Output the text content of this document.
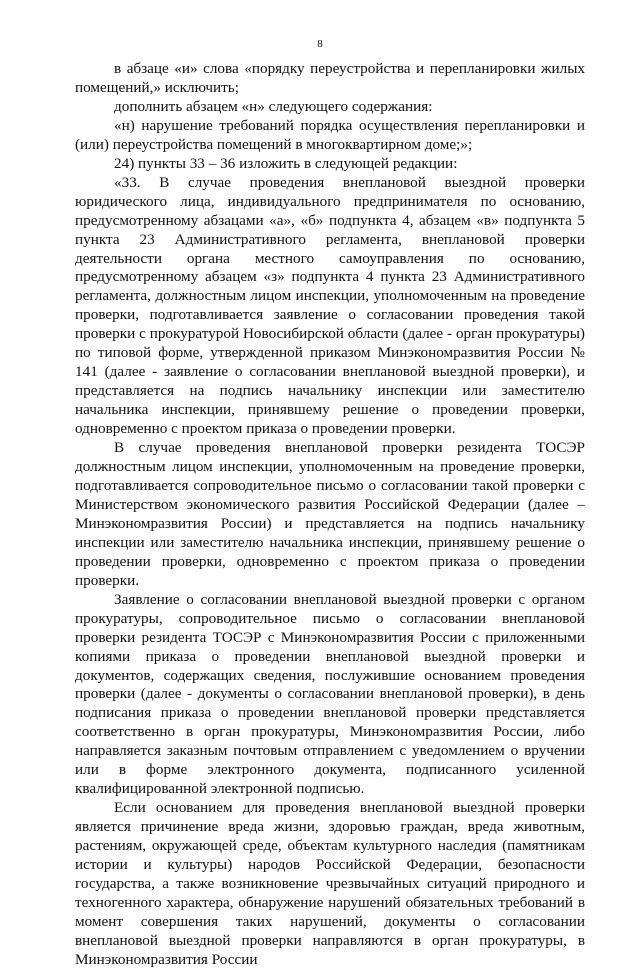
8

в абзаце «и» слова «порядку переустройства и перепланировки жилых помещений,» исключить;

дополнить абзацем «н» следующего содержания:

«н) нарушение требований порядка осуществления перепланировки и (или) переустройства помещений в многоквартирном доме;»;

24) пункты 33 – 36 изложить в следующей редакции:

«33. В случае проведения внеплановой выездной проверки юридического лица, индивидуального предпринимателя по основанию, предусмотренному абзацами «а», «б» подпункта 4, абзацем «в» подпункта 5 пункта 23 Административного регламента, внеплановой проверки деятельности органа местного самоуправления по основанию, предусмотренному абзацем «з» подпункта 4 пункта 23 Административного регламента, должностным лицом инспекции, уполномоченным на проведение проверки, подготавливается заявление о согласовании проведения такой проверки с прокуратурой Новосибирской области (далее - орган прокуратуры) по типовой форме, утвержденной приказом Минэкономразвития России № 141 (далее - заявление о согласовании внеплановой выездной проверки), и представляется на подпись начальнику инспекции или заместителю начальника инспекции, принявшему решение о проведении проверки, одновременно с проектом приказа о проведении проверки.

В случае проведения внеплановой проверки резидента ТОСЭР должностным лицом инспекции, уполномоченным на проведение проверки, подготавливается сопроводительное письмо о согласовании такой проверки с Министерством экономического развития Российской Федерации (далее – Минэкономразвития России) и представляется на подпись начальнику инспекции или заместителю начальника инспекции, принявшему решение о проведении проверки, одновременно с проектом приказа о проведении проверки.

Заявление о согласовании внеплановой выездной проверки с органом прокуратуры, сопроводительное письмо о согласовании внеплановой проверки резидента ТОСЭР с Минэкономразвития России с приложенными копиями приказа о проведении внеплановой выездной проверки и документов, содержащих сведения, послужившие основанием проведения проверки (далее - документы о согласовании внеплановой проверки), в день подписания приказа о проведении внеплановой проверки представляется соответственно в орган прокуратуры, Минэкономразвития России, либо направляется заказным почтовым отправлением с уведомлением о вручении или в форме электронного документа, подписанного усиленной квалифицированной электронной подписью.

Если основанием для проведения внеплановой выездной проверки является причинение вреда жизни, здоровью граждан, вреда животным, растениям, окружающей среде, объектам культурного наследия (памятникам истории и культуры) народов Российской Федерации, безопасности государства, а также возникновение чрезвычайных ситуаций природного и техногенного характера, обнаружение нарушений обязательных требований в момент совершения таких нарушений, документы о согласовании внеплановой выездной проверки направляются в орган прокуратуры, в Минэкономразвития России
